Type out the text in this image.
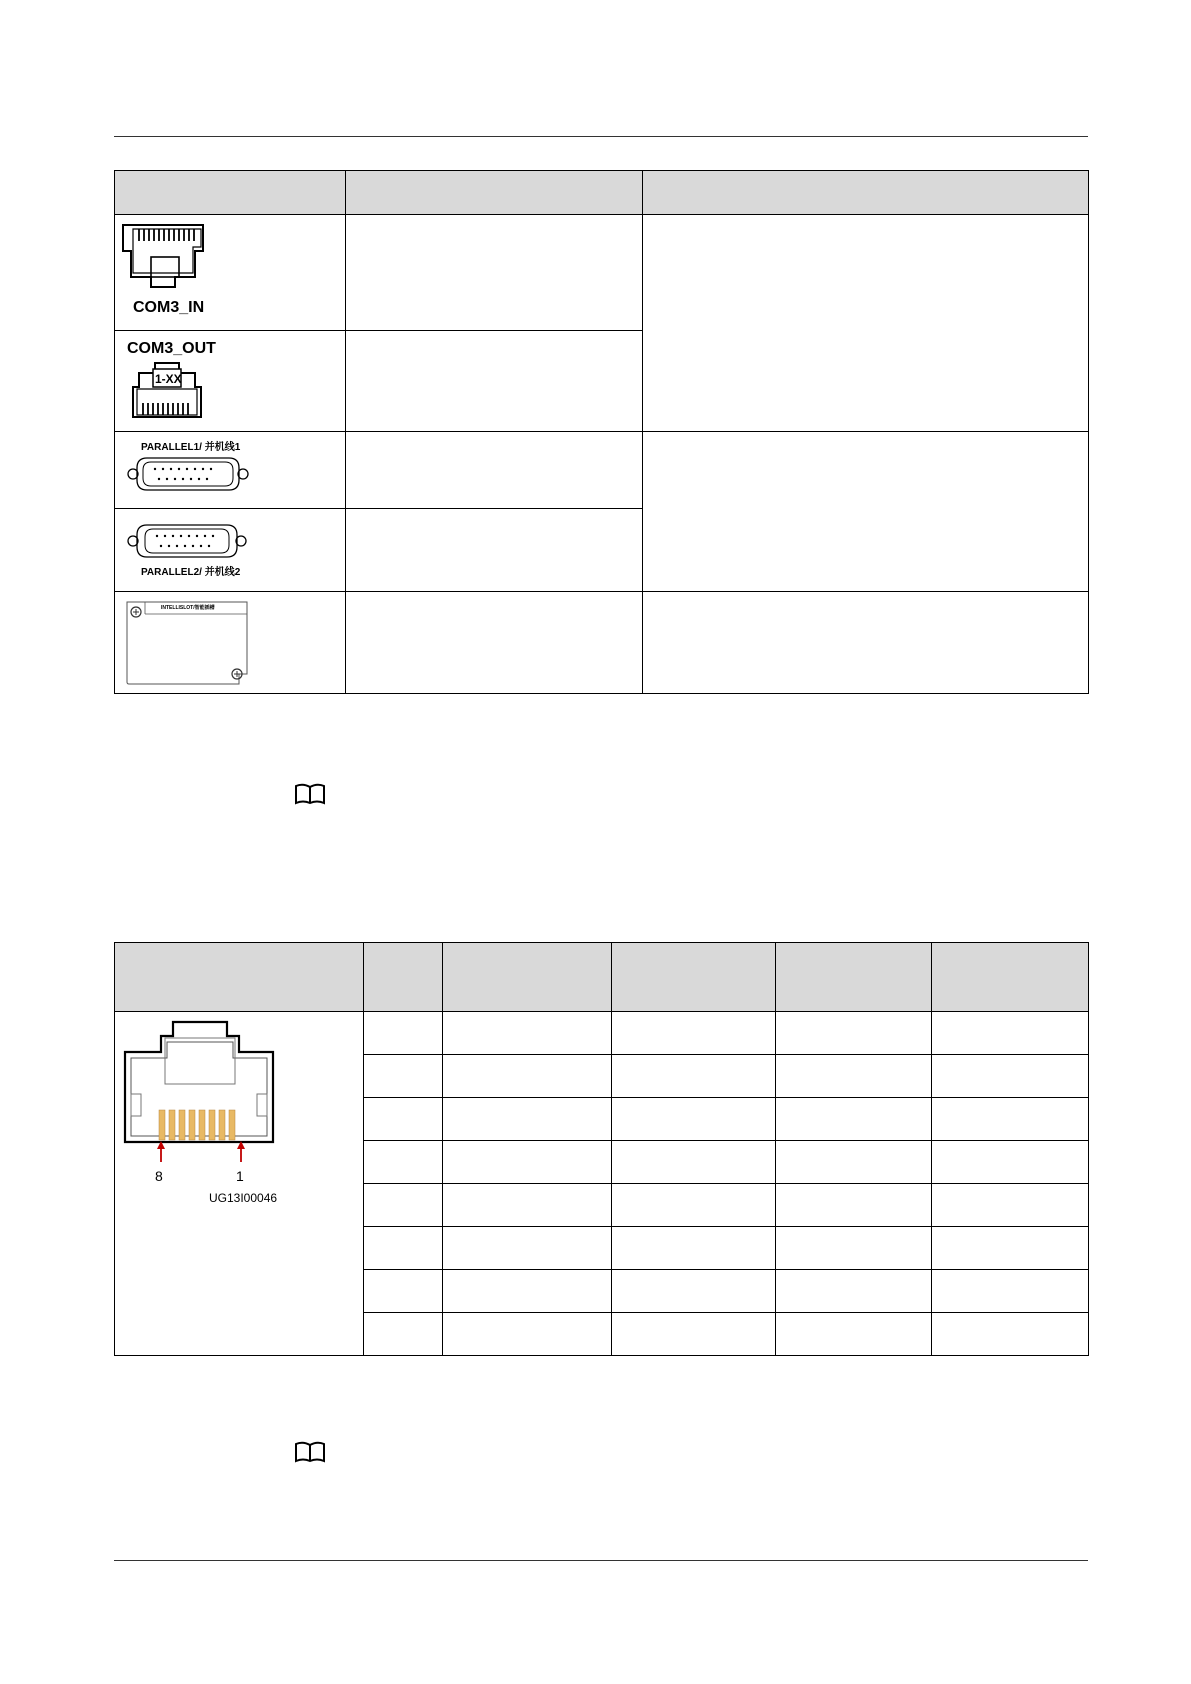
COM3_IN		

COM3_OUT
1-XX		

PARALLEL1/ 并机线1		

PARALLEL2/ 并机线2		

INTELLISLOT/智能插槽		

8 1
UG13I00046					
